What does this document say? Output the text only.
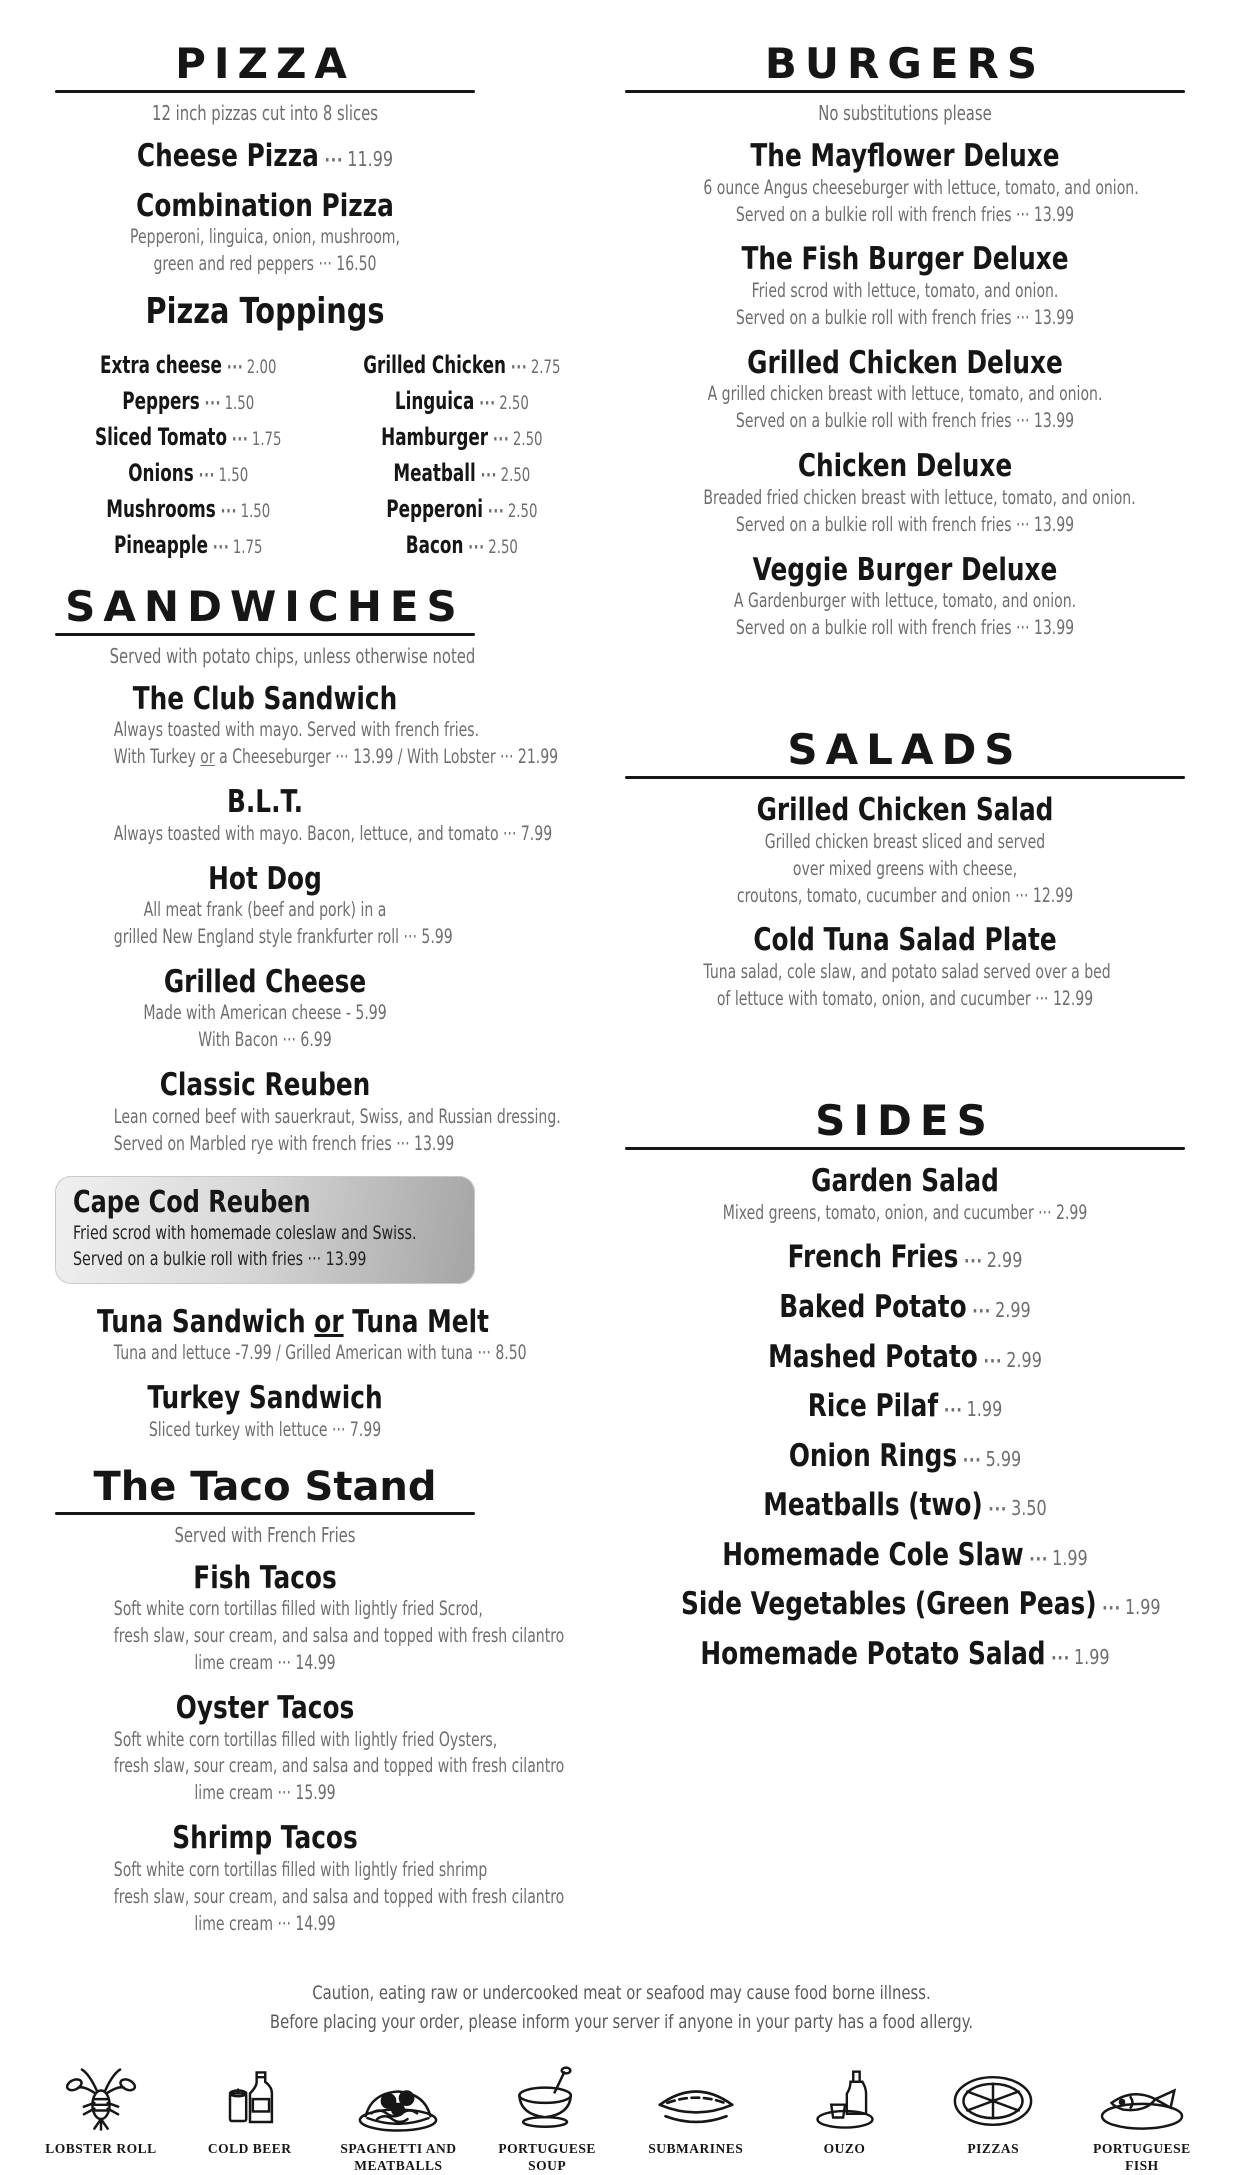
PIZZA
12 inch pizzas cut into 8 slices
Cheese Pizza ··· 11.99
Combination Pizza
Pepperoni, linguica, onion, mushroom,
green and red peppers ··· 16.50
Pizza Toppings
Extra cheese ··· 2.00
Peppers ··· 1.50
Sliced Tomato ··· 1.75
Onions ··· 1.50
Mushrooms ··· 1.50
Pineapple ··· 1.75
Grilled Chicken ··· 2.75
Linguica ··· 2.50
Hamburger ··· 2.50
Meatball ··· 2.50
Pepperoni ··· 2.50
Bacon ··· 2.50
SANDWICHES
Served with potato chips, unless otherwise noted
The Club Sandwich
Always toasted with mayo. Served with french fries.
With Turkey or a Cheeseburger ··· 13.99 / With Lobster ··· 21.99
B.L.T.
Always toasted with mayo. Bacon, lettuce, and tomato ··· 7.99
Hot Dog
All meat frank (beef and pork) in a
grilled New England style frankfurter roll ··· 5.99
Grilled Cheese
Made with American cheese - 5.99
With Bacon ··· 6.99
Classic Reuben
Lean corned beef with sauerkraut, Swiss, and Russian dressing.
Served on Marbled rye with french fries ··· 13.99
Cape Cod Reuben
Fried scrod with homemade coleslaw and Swiss.
Served on a bulkie roll with fries ··· 13.99
Tuna Sandwich or Tuna Melt
Tuna and lettuce -7.99 / Grilled American with tuna ··· 8.50
Turkey Sandwich
Sliced turkey with lettuce ··· 7.99
The Taco Stand
Served with French Fries
Fish Tacos
Soft white corn tortillas filled with lightly fried Scrod,
fresh slaw, sour cream, and salsa and topped with fresh cilantro
lime cream ··· 14.99
Oyster Tacos
Soft white corn tortillas filled with lightly fried Oysters,
fresh slaw, sour cream, and salsa and topped with fresh cilantro
lime cream ··· 15.99
Shrimp Tacos
Soft white corn tortillas filled with lightly fried shrimp
fresh slaw, sour cream, and salsa and topped with fresh cilantro
lime cream ··· 14.99
BURGERS
No substitutions please
The Mayflower Deluxe
6 ounce Angus cheeseburger with lettuce, tomato, and onion.
Served on a bulkie roll with french fries ··· 13.99
The Fish Burger Deluxe
Fried scrod with lettuce, tomato, and onion.
Served on a bulkie roll with french fries ··· 13.99
Grilled Chicken Deluxe
A grilled chicken breast with lettuce, tomato, and onion.
Served on a bulkie roll with french fries ··· 13.99
Chicken Deluxe
Breaded fried chicken breast with lettuce, tomato, and onion.
Served on a bulkie roll with french fries ··· 13.99
Veggie Burger Deluxe
A Gardenburger with lettuce, tomato, and onion.
Served on a bulkie roll with french fries ··· 13.99
SALADS
Grilled Chicken Salad
Grilled chicken breast sliced and served
over mixed greens with cheese,
croutons, tomato, cucumber and onion ··· 12.99
Cold Tuna Salad Plate
Tuna salad, cole slaw, and potato salad served over a bed
of lettuce with tomato, onion, and cucumber ··· 12.99
SIDES
Garden Salad
Mixed greens, tomato, onion, and cucumber ··· 2.99
French Fries ··· 2.99
Baked Potato ··· 2.99
Mashed Potato ··· 2.99
Rice Pilaf ··· 1.99
Onion Rings ··· 5.99
Meatballs (two) ··· 3.50
Homemade Cole Slaw ··· 1.99
Side Vegetables (Green Peas) ··· 1.99
Homemade Potato Salad ··· 1.99
Caution, eating raw or undercooked meat or seafood may cause food borne illness.
Before placing your order, please inform your server if anyone in your party has a food allergy.
LOBSTER ROLL	COLD BEER	SPAGHETTI AND MEATBALLS
PORTUGUESE SOUP
SUBMARINES	OUZO	PIZZAS	PORTUGUESE FISH
